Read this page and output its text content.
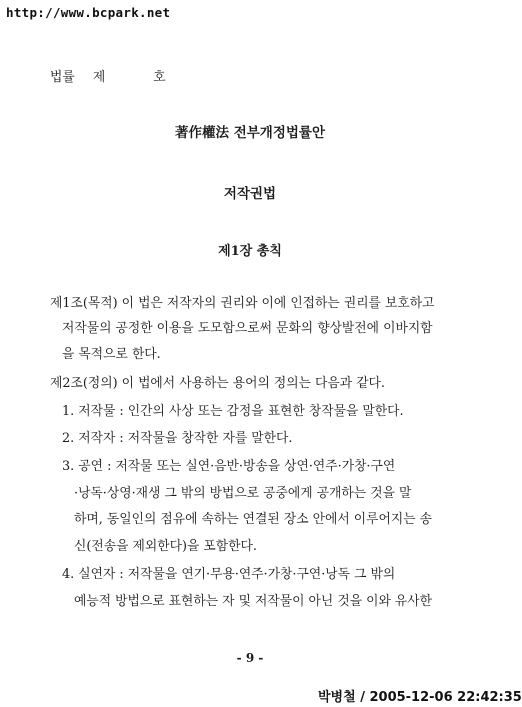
http://www.bcpark.net
법률 제	호
著作權法 전부개정법률안
저작권법
제1장 총칙
제1조(목적) 이 법은 저작자의 권리와 이에 인접하는 권리를 보호하고
저작물의 공정한 이용을 도모함으로써 문화의 향상발전에 이바지함
을 목적으로 한다.
제2조(정의) 이 법에서 사용하는 용어의 정의는 다음과 같다.
1. 저작물 : 인간의 사상 또는 감정을 표현한 창작물을 말한다.
2. 저작자 : 저작물을 창작한 자를 말한다.
3. 공연 : 저작물 또는 실연·음반·방송을 상연·연주·가창·구연
·낭독·상영·재생 그 밖의 방법으로 공중에게 공개하는 것을 말
하며, 동일인의 점유에 속하는 연결된 장소 안에서 이루어지는 송
신(전송을 제외한다)을 포함한다.
4. 실연자 : 저작물을 연기·무용·연주·가창·구연·낭독 그 밖의
예능적 방법으로 표현하는 자 및 저작물이 아닌 것을 이와 유사한
- 9 -
박병철 / 2005-12-06 22:42:35
